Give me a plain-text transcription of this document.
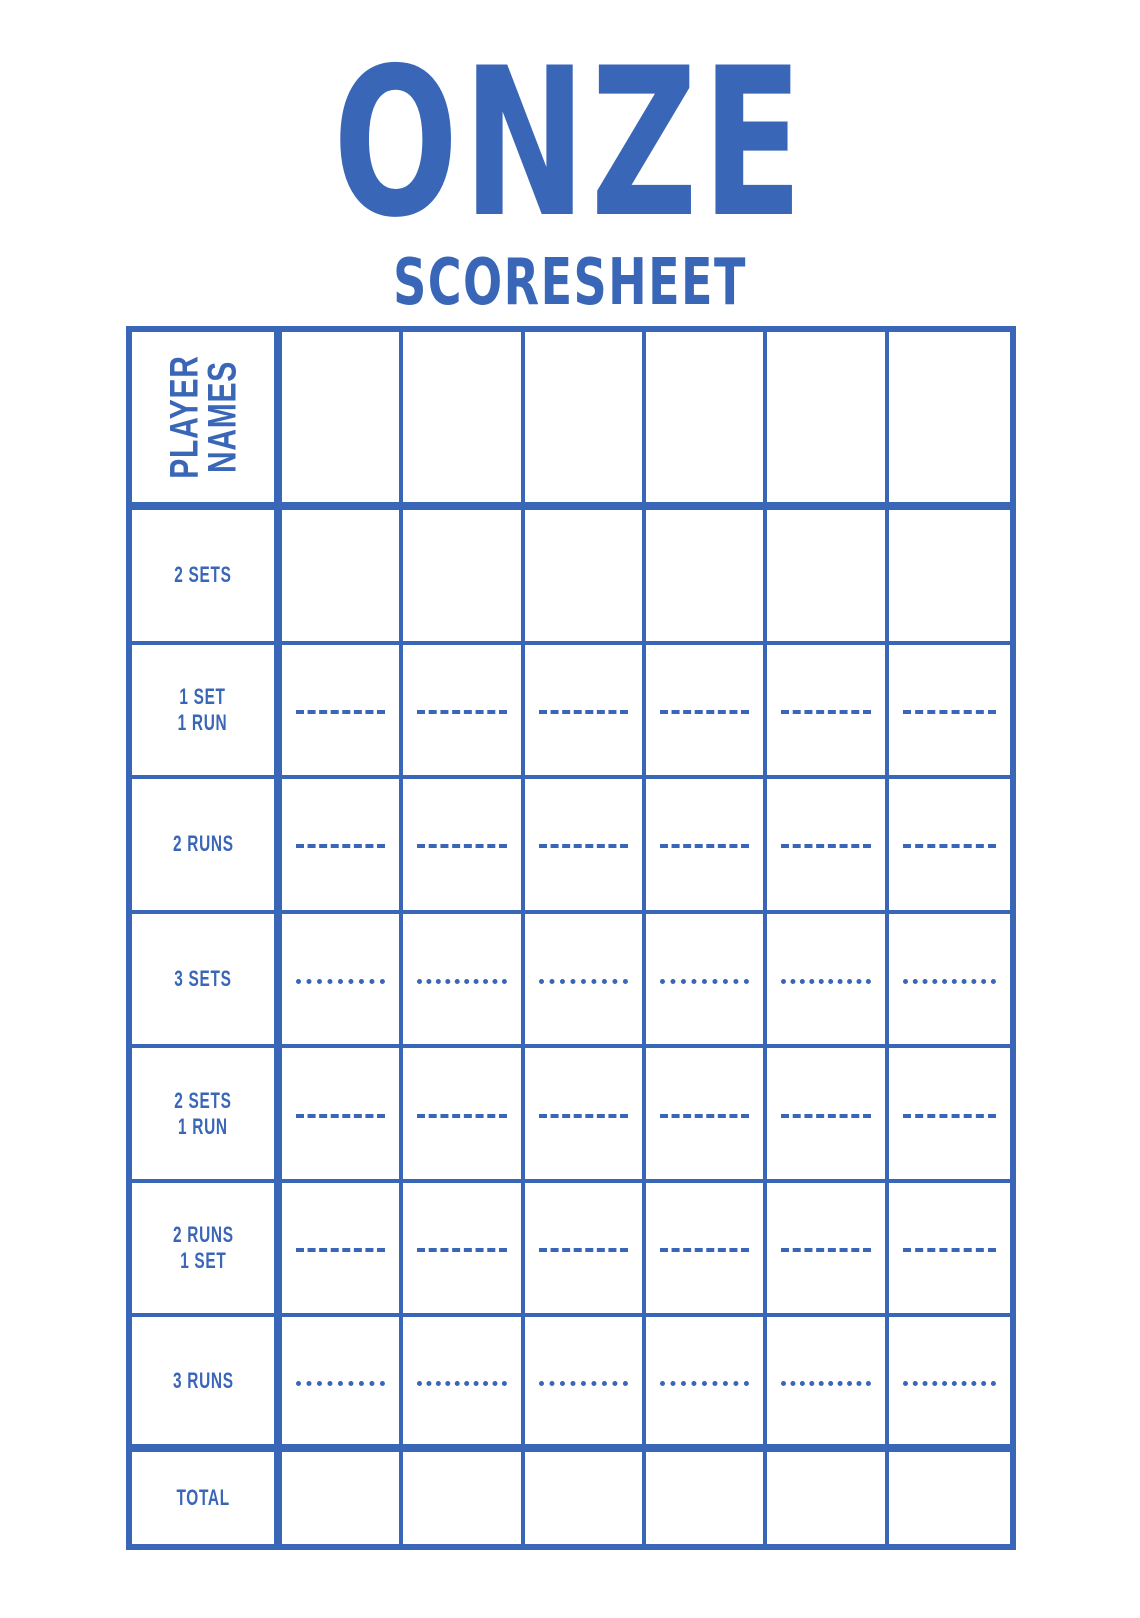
ONZE
SCORESHEET
PLAYER
NAMES
2 SETS
1 SET
1 RUN
2 RUNS
3 SETS
2 SETS
1 RUN
2 RUNS
1 SET
3 RUNS
TOTAL
